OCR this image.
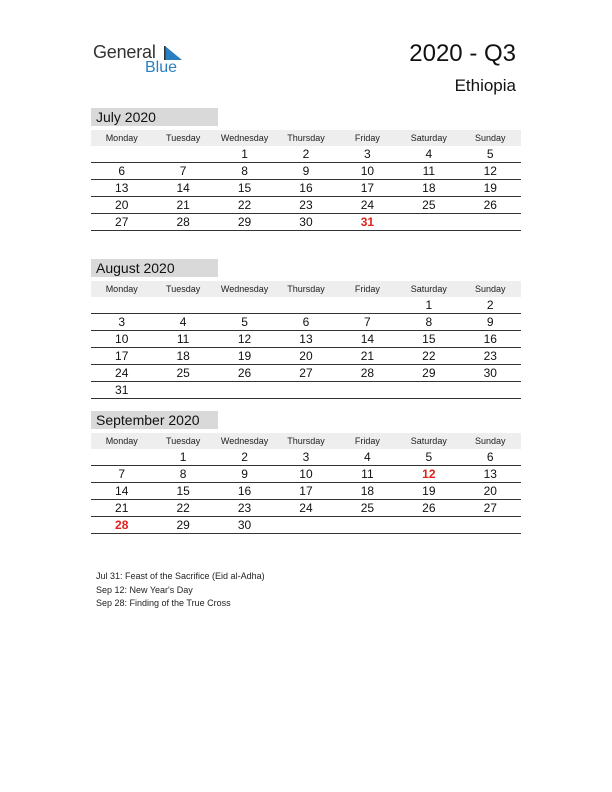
General
Blue
2020 - Q3
Ethiopia
July 2020
Monday	Tuesday	Wednesday	Thursday	Friday	Saturday	Sunday
		1	2	3	4	5
6	7	8	9	10	11	12
13	14	15	16	17	18	19
20	21	22	23	24	25	26
27	28	29	30	31		
August 2020
Monday	Tuesday	Wednesday	Thursday	Friday	Saturday	Sunday
					1	2
3	4	5	6	7	8	9
10	11	12	13	14	15	16
17	18	19	20	21	22	23
24	25	26	27	28	29	30
31						
September 2020
Monday	Tuesday	Wednesday	Thursday	Friday	Saturday	Sunday
	1	2	3	4	5	6
7	8	9	10	11	12	13
14	15	16	17	18	19	20
21	22	23	24	25	26	27
28	29	30				
Jul 31: Feast of the Sacrifice (Eid al-Adha)
Sep 12: New Year's Day
Sep 28: Finding of the True Cross
